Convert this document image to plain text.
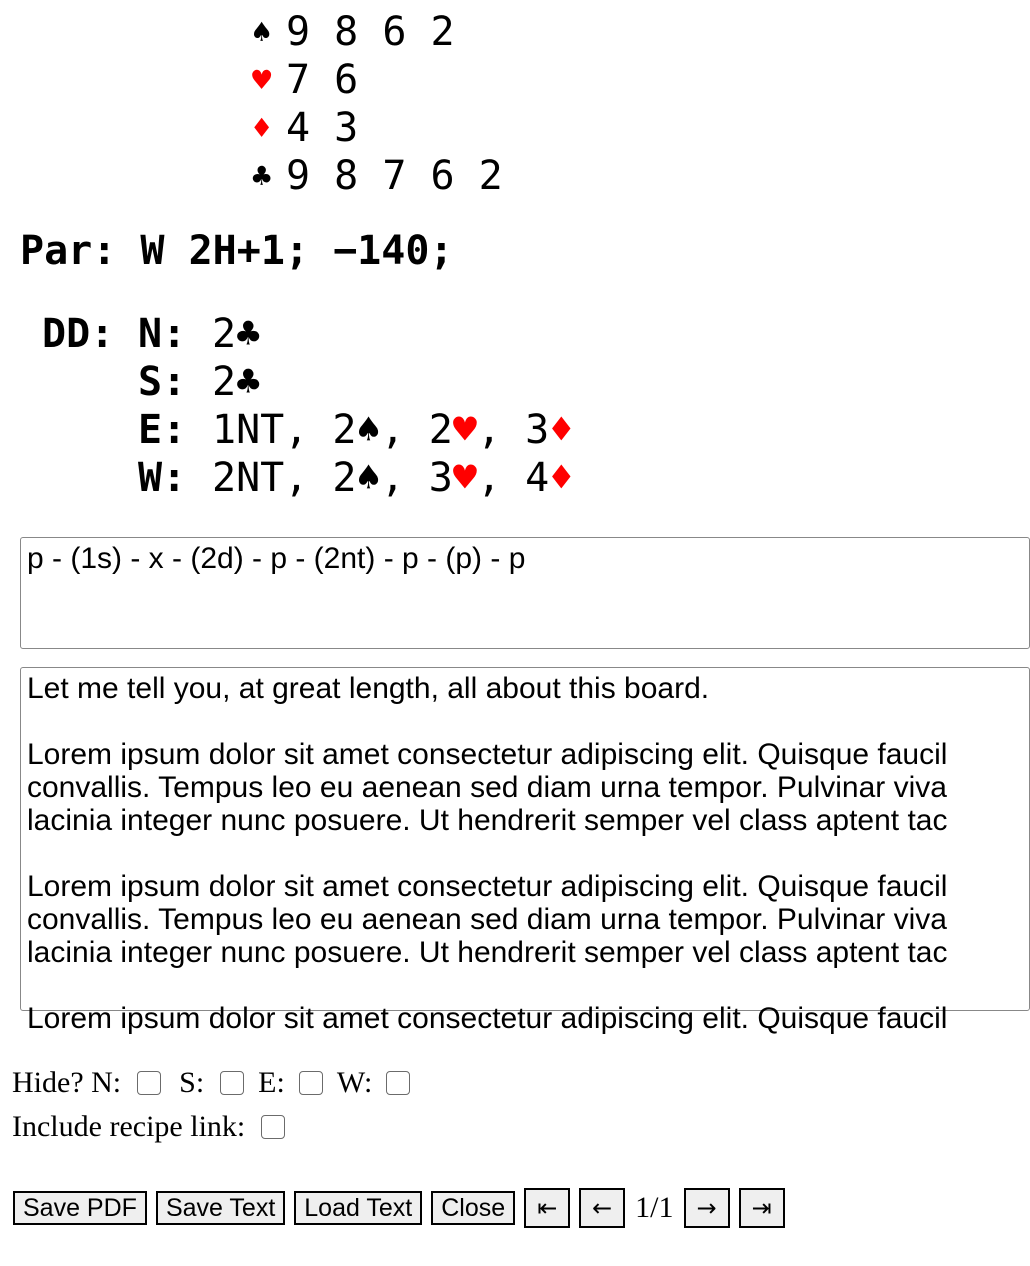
♠ 9 8 6 2
♥ 7 6
♦ 4 3
♣ 9 8 7 6 2
Par: W 2H+1; −140;
DD: N: 2 ♣
S: 2 ♣
E: 1NT , 2 ♠ , 2 ♥ , 3 ♦
W: 2NT , 2 ♠ , 3 ♥ , 4 ♦
p - (1s) - x - (2d) - p - (2nt) - p - (p) - p

Let me tell you, at great length, all about this board.

Lorem ipsum dolor sit amet consectetur adipiscing elit. Quisque faucil

convallis. Tempus leo eu aenean sed diam urna tempor. Pulvinar viva

lacinia integer nunc posuere. Ut hendrerit semper vel class aptent tac

Lorem ipsum dolor sit amet consectetur adipiscing elit. Quisque faucil

convallis. Tempus leo eu aenean sed diam urna tempor. Pulvinar viva

lacinia integer nunc posuere. Ut hendrerit semper vel class aptent tac

Lorem ipsum dolor sit amet consectetur adipiscing elit. Quisque faucil

Hide? N: S: E: W:
Include recipe link:
Save PDF	Save Text	Load Text	Close	⇤ ← 1/1 → ⇥
